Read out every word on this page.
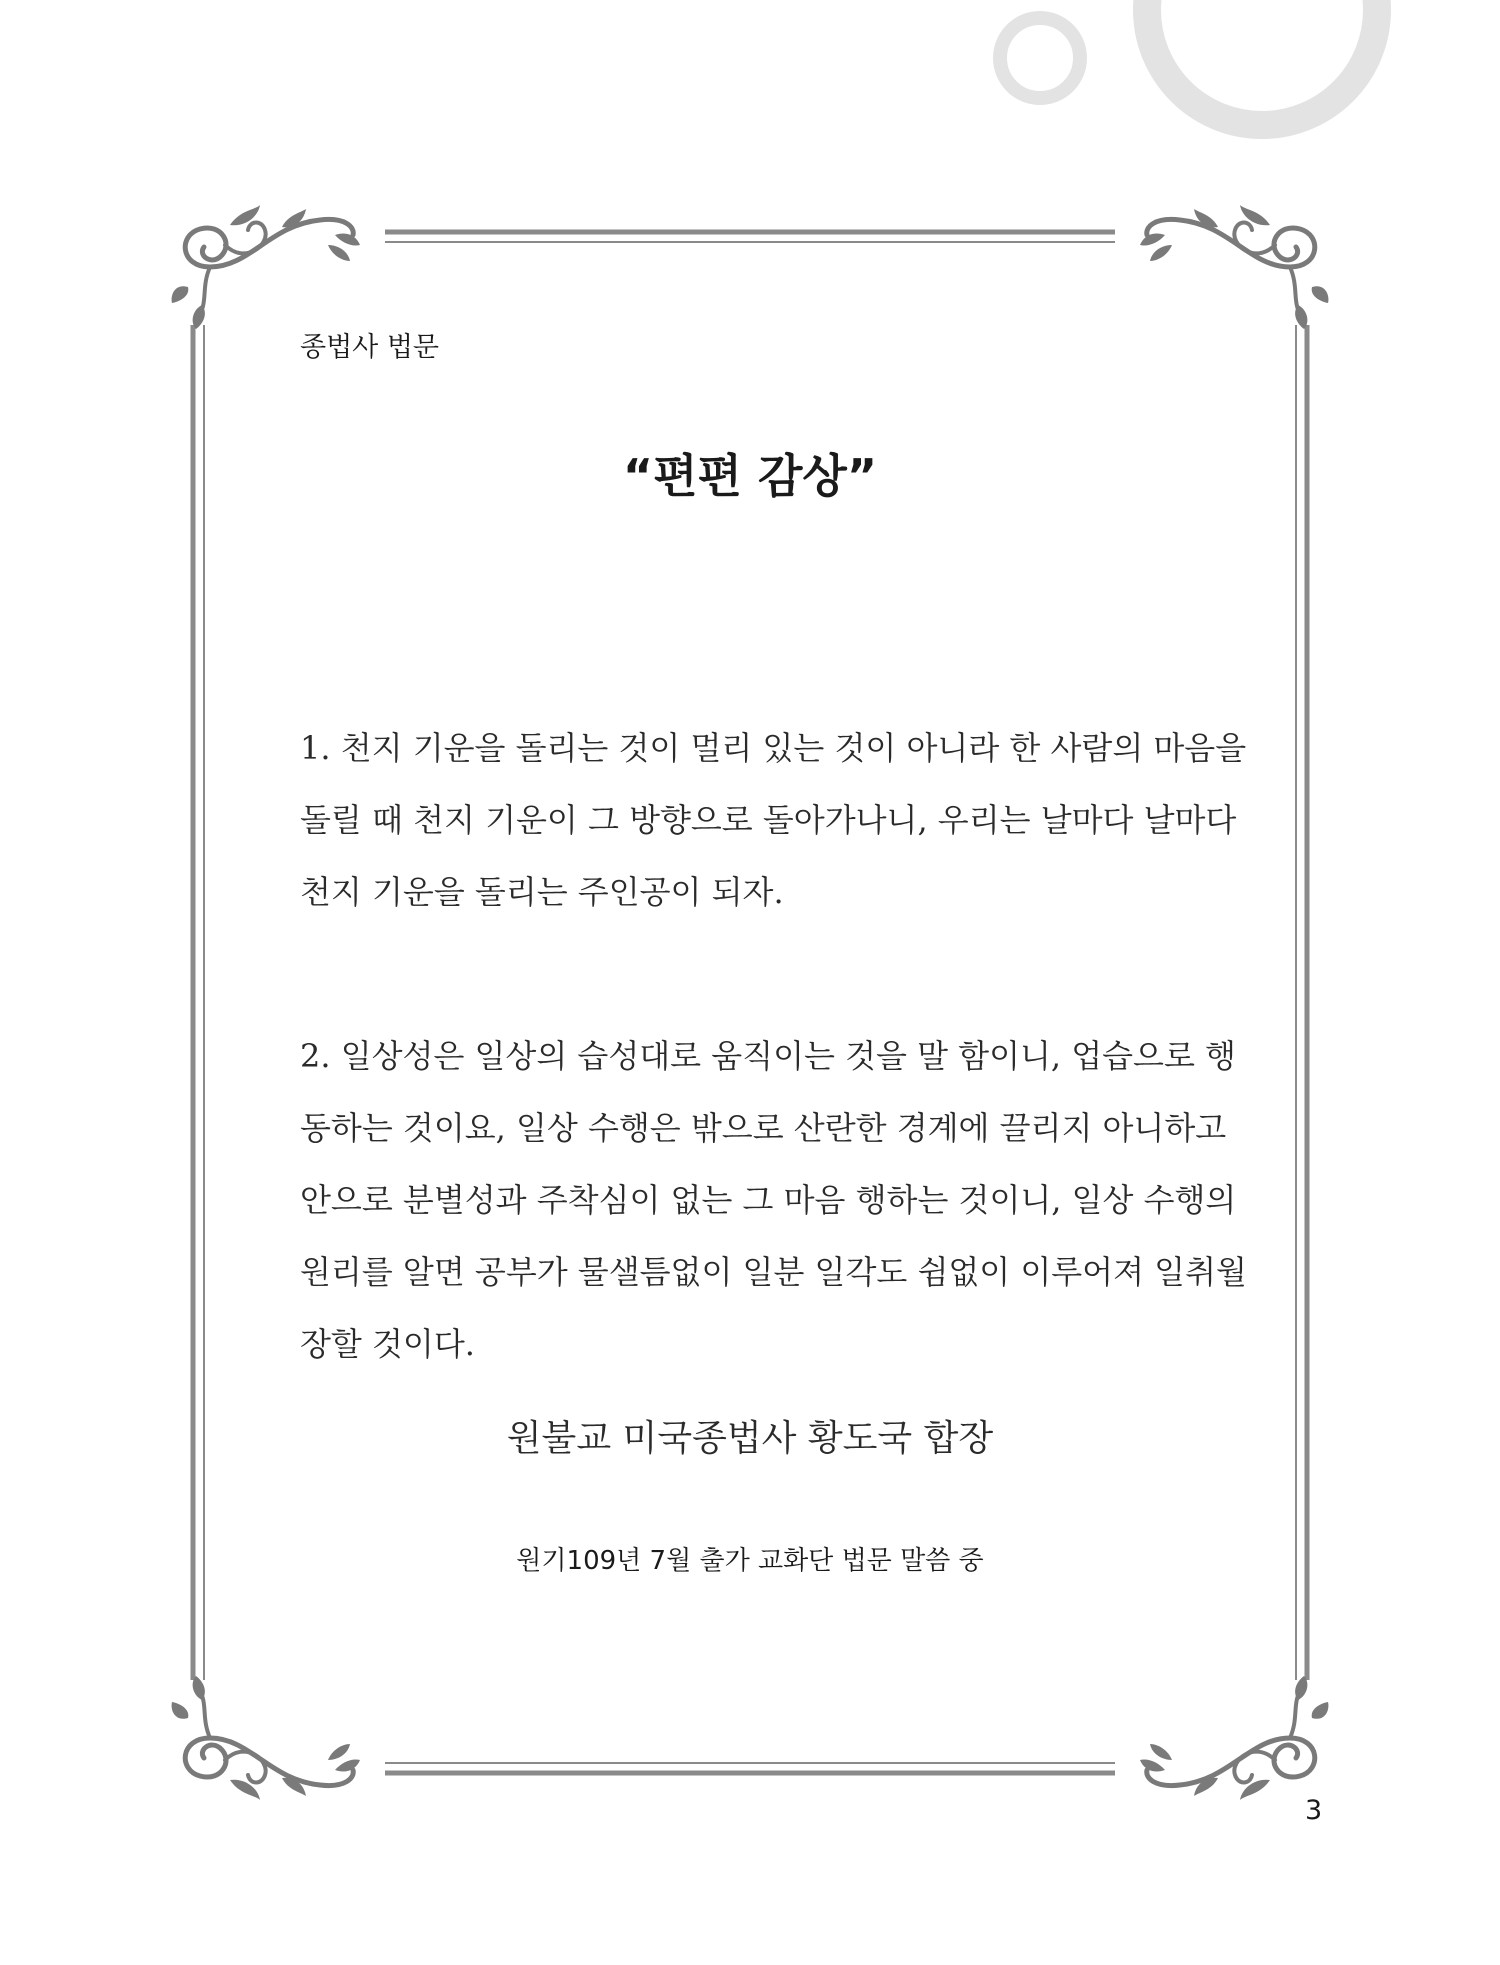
종법사 법문
“편편 감상”
1. 천지 기운을 돌리는 것이 멀리 있는 것이 아니라 한 사람의 마음을
돌릴 때 천지 기운이 그 방향으로 돌아가나니, 우리는 날마다 날마다
천지 기운을 돌리는 주인공이 되자.
2. 일상성은 일상의 습성대로 움직이는 것을 말 함이니, 업습으로 행
동하는 것이요, 일상 수행은 밖으로 산란한 경계에 끌리지 아니하고
안으로 분별성과 주착심이 없는 그 마음 행하는 것이니, 일상 수행의
원리를 알면 공부가 물샐틈없이 일분 일각도 쉼없이 이루어져 일취월
장할 것이다.
원불교 미국종법사 황도국 합장
원기109년 7월 출가 교화단 법문 말씀 중
3
